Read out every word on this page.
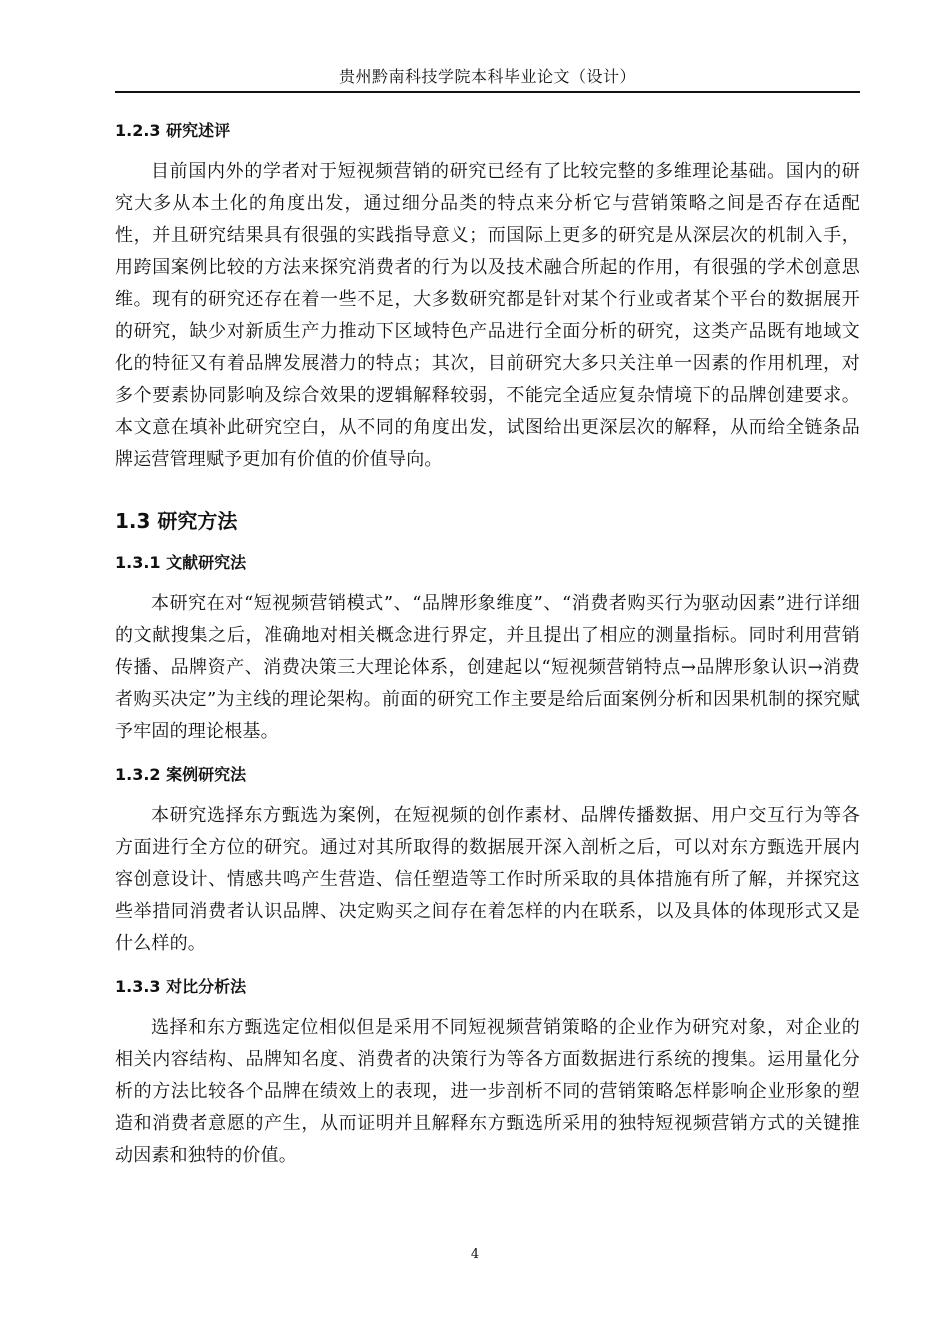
贵州黔南科技学院本科毕业论文（设计）
1.2.3 研究述评

目前国内外的学者对于短视频营销的研究已经有了比较完整的多维理论基础。国内的研究大多从本土化的角度出发，通过细分品类的特点来分析它与营销策略之间是否存在适配性，并且研究结果具有很强的实践指导意义；而国际上更多的研究是从深层次的机制入手，用跨国案例比较的方法来探究消费者的行为以及技术融合所起的作用，有很强的学术创意思维。现有的研究还存在着一些不足，大多数研究都是针对某个行业或者某个平台的数据展开的研究，缺少对新质生产力推动下区域特色产品进行全面分析的研究，这类产品既有地域文化的特征又有着品牌发展潜力的特点；其次，目前研究大多只关注单一因素的作用机理，对多个要素协同影响及综合效果的逻辑解释较弱，不能完全适应复杂情境下的品牌创建要求。本文意在填补此研究空白，从不同的角度出发，试图给出更深层次的解释，从而给全链条品牌运营管理赋予更加有价值的价值导向。

1.3 研究方法
1.3.1 文献研究法

本研究在对“短视频营销模式”、“品牌形象维度”、“消费者购买行为驱动因素”进行详细的文献搜集之后，准确地对相关概念进行界定，并且提出了相应的测量指标。同时利用营销传播、品牌资产、消费决策三大理论体系，创建起以“短视频营销特点→品牌形象认识→消费者购买决定”为主线的理论架构。前面的研究工作主要是给后面案例分析和因果机制的探究赋予牢固的理论根基。

1.3.2 案例研究法

本研究选择东方甄选为案例，在短视频的创作素材、品牌传播数据、用户交互行为等各方面进行全方位的研究。通过对其所取得的数据展开深入剖析之后，可以对东方甄选开展内容创意设计、情感共鸣产生营造、信任塑造等工作时所采取的具体措施有所了解，并探究这些举措同消费者认识品牌、决定购买之间存在着怎样的内在联系，以及具体的体现形式又是什么样的。

1.3.3 对比分析法

选择和东方甄选定位相似但是采用不同短视频营销策略的企业作为研究对象，对企业的相关内容结构、品牌知名度、消费者的决策行为等各方面数据进行系统的搜集。运用量化分析的方法比较各个品牌在绩效上的表现，进一步剖析不同的营销策略怎样影响企业形象的塑造和消费者意愿的产生，从而证明并且解释东方甄选所采用的独特短视频营销方式的关键推动因素和独特的价值。

4
